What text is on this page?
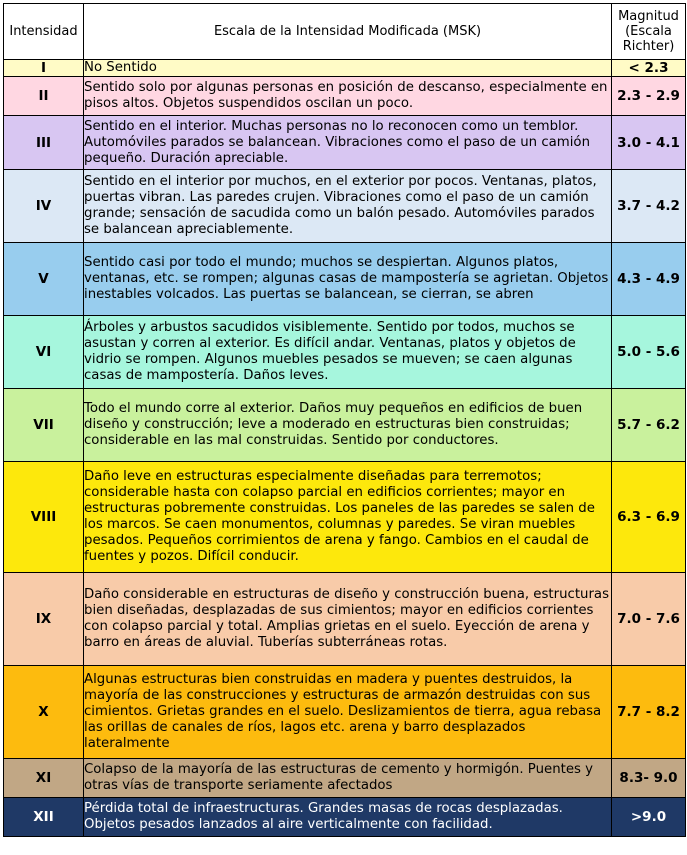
Intensidad	Escala de la Intensidad Modificada (MSK)	Magnitud
(Escala
Richter)

I	No Sentido	< 2.3
II	Sentido solo por algunas personas en posición de descanso, especialmente en pisos altos. Objetos suspendidos oscilan un poco.	2.3 - 2.9
III	Sentido en el interior. Muchas personas no lo reconocen como un temblor. Automóviles parados se balancean. Vibraciones como el paso de un camión pequeño. Duración apreciable.	3.0 - 4.1
IV	Sentido en el interior por muchos, en el exterior por pocos. Ventanas, platos, puertas vibran. Las paredes crujen. Vibraciones como el paso de un camión grande; sensación de sacudida como un balón pesado. Automóviles parados se balancean apreciablemente.	3.7 - 4.2
V	Sentido casi por todo el mundo; muchos se despiertan. Algunos platos, ventanas, etc. se rompen; algunas casas de mampostería se agrietan. Objetos inestables volcados. Las puertas se balancean, se cierran, se abren	4.3 - 4.9
VI	Árboles y arbustos sacudidos visiblemente. Sentido por todos, muchos se asustan y corren al exterior. Es difícil andar. Ventanas, platos y objetos de vidrio se rompen. Algunos muebles pesados se mueven; se caen algunas casas de mampostería. Daños leves.	5.0 - 5.6
VII	Todo el mundo corre al exterior. Daños muy pequeños en edificios de buen diseño y construcción; leve a moderado en estructuras bien construidas; considerable en las mal construidas. Sentido por conductores.	5.7 - 6.2
VIII	Daño leve en estructuras especialmente diseñadas para terremotos; considerable hasta con colapso parcial en edificios corrientes; mayor en estructuras pobremente construidas. Los paneles de las paredes se salen de los marcos. Se caen monumentos, columnas y paredes. Se viran muebles pesados. Pequeños corrimientos de arena y fango. Cambios en el caudal de fuentes y pozos. Difícil conducir.	6.3 - 6.9
IX	Daño considerable en estructuras de diseño y construcción buena, estructuras bien diseñadas, desplazadas de sus cimientos; mayor en edificios corrientes con colapso parcial y total. Amplias grietas en el suelo. Eyección de arena y barro en áreas de aluvial. Tuberías subterráneas rotas.	7.0 - 7.6
X	Algunas estructuras bien construidas en madera y puentes destruidos, la mayoría de las construcciones y estructuras de armazón destruidas con sus cimientos. Grietas grandes en el suelo. Deslizamientos de tierra, agua rebasa las orillas de canales de ríos, lagos etc. arena y barro desplazados lateralmente	7.7 - 8.2
XI	Colapso de la mayoría de las estructuras de cemento y hormigón. Puentes y otras vías de transporte seriamente afectados	8.3- 9.0
XII	Pérdida total de infraestructuras. Grandes masas de rocas desplazadas. Objetos pesados lanzados al aire verticalmente con facilidad.	>9.0
